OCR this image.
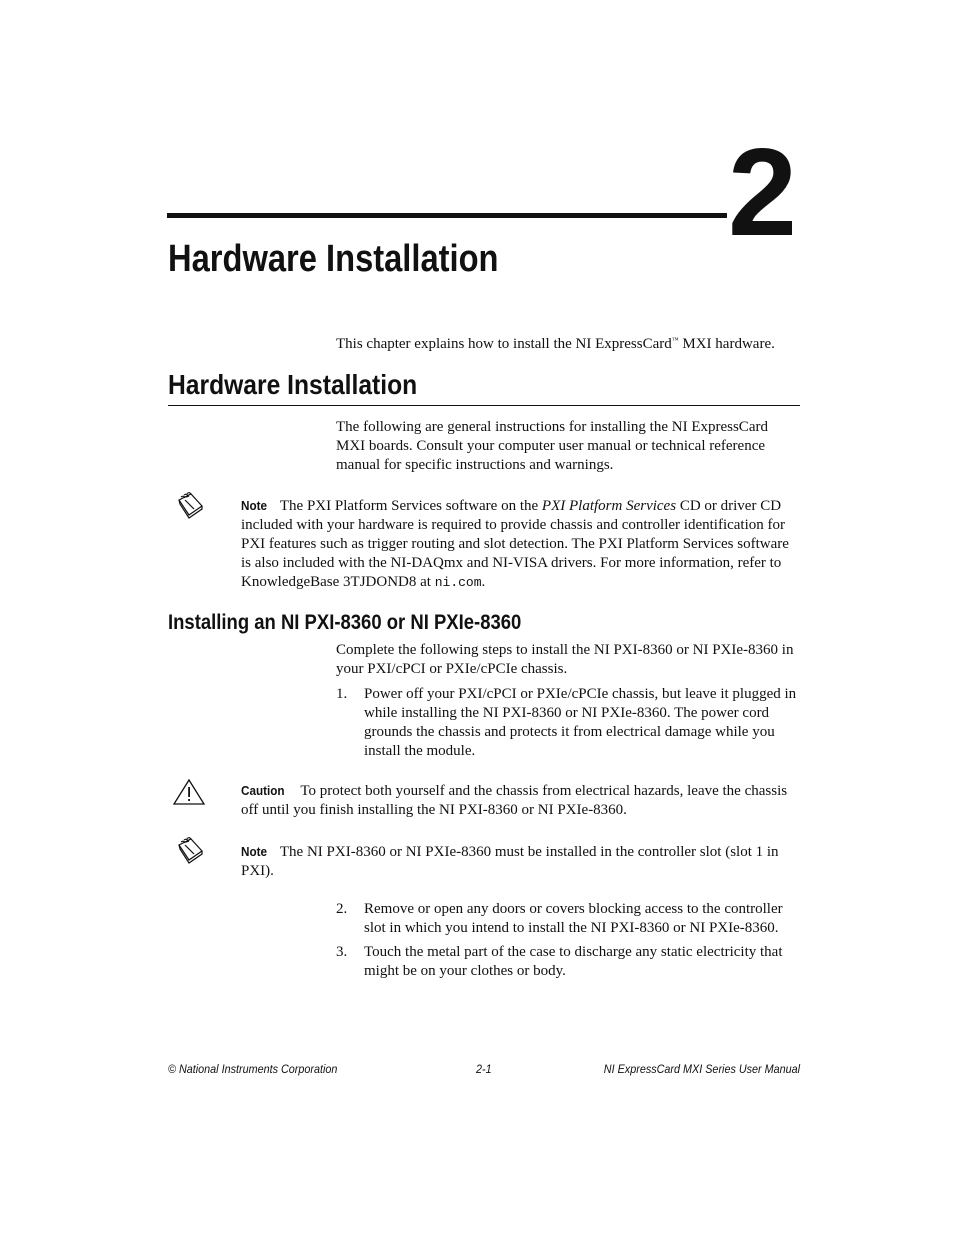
2
Hardware Installation
This chapter explains how to install the NI ExpressCard™ MXI hardware.
Hardware Installation
The following are general instructions for installing the NI ExpressCard MXI boards. Consult your computer user manual or technical reference manual for specific instructions and warnings.
Note The PXI Platform Services software on the PXI Platform Services CD or driver CD included with your hardware is required to provide chassis and controller identification for PXI features such as trigger routing and slot detection. The PXI Platform Services software is also included with the NI-DAQmx and NI-VISA drivers. For more information, refer to KnowledgeBase 3TJDOND8 at ni.com.
Installing an NI PXI-8360 or NI PXIe-8360
Complete the following steps to install the NI PXI-8360 or NI PXIe-8360 in your PXI/cPCI or PXIe/cPCIe chassis.
1. Power off your PXI/cPCI or PXIe/cPCIe chassis, but leave it plugged in while installing the NI PXI-8360 or NI PXIe-8360. The power cord grounds the chassis and protects it from electrical damage while you install the module.
Caution To protect both yourself and the chassis from electrical hazards, leave the chassis off until you finish installing the NI PXI-8360 or NI PXIe-8360.
Note The NI PXI-8360 or NI PXIe-8360 must be installed in the controller slot (slot 1 in PXI).
2. Remove or open any doors or covers blocking access to the controller slot in which you intend to install the NI PXI-8360 or NI PXIe-8360.
3. Touch the metal part of the case to discharge any static electricity that might be on your clothes or body.
© National Instruments Corporation	2-1	NI ExpressCard MXI Series User Manual
